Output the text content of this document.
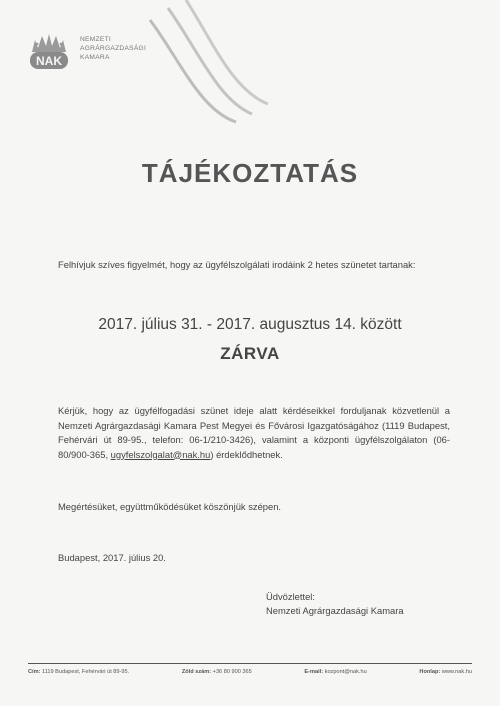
NAK
NEMZETI
AGRÁRGAZDASÁGI
KAMARA
TÁJÉKOZTATÁS
Felhívjuk szíves figyelmét, hogy az ügyfélszolgálati irodáink 2 hetes szünetet tartanak:
2017. július 31. - 2017. augusztus 14. között
ZÁRVA
Kérjük, hogy az ügyfélfogadási szünet ideje alatt kérdéseikkel forduljanak közvetlenül a Nemzeti Agrárgazdasági Kamara Pest Megyei és Fővárosi Igazgatóságához (1119 Budapest, Fehérvári út 89-95., telefon: 06-1/210-3426), valamint a központi ügyfélszolgálaton (06-80/900-365, ugyfelszolgalat@nak.hu) érdeklődhetnek.
Megértésüket, együttműködésüket köszönjük szépen.
Budapest, 2017. július 20.
Üdvözlettel:
Nemzeti Agrárgazdasági Kamara
Cím: 1119 Budapest, Fehérvári út 89-95.	Zöld szám: +36 80 900 365	E-mail: kozpont@nak.hu	Honlap: www.nak.hu
